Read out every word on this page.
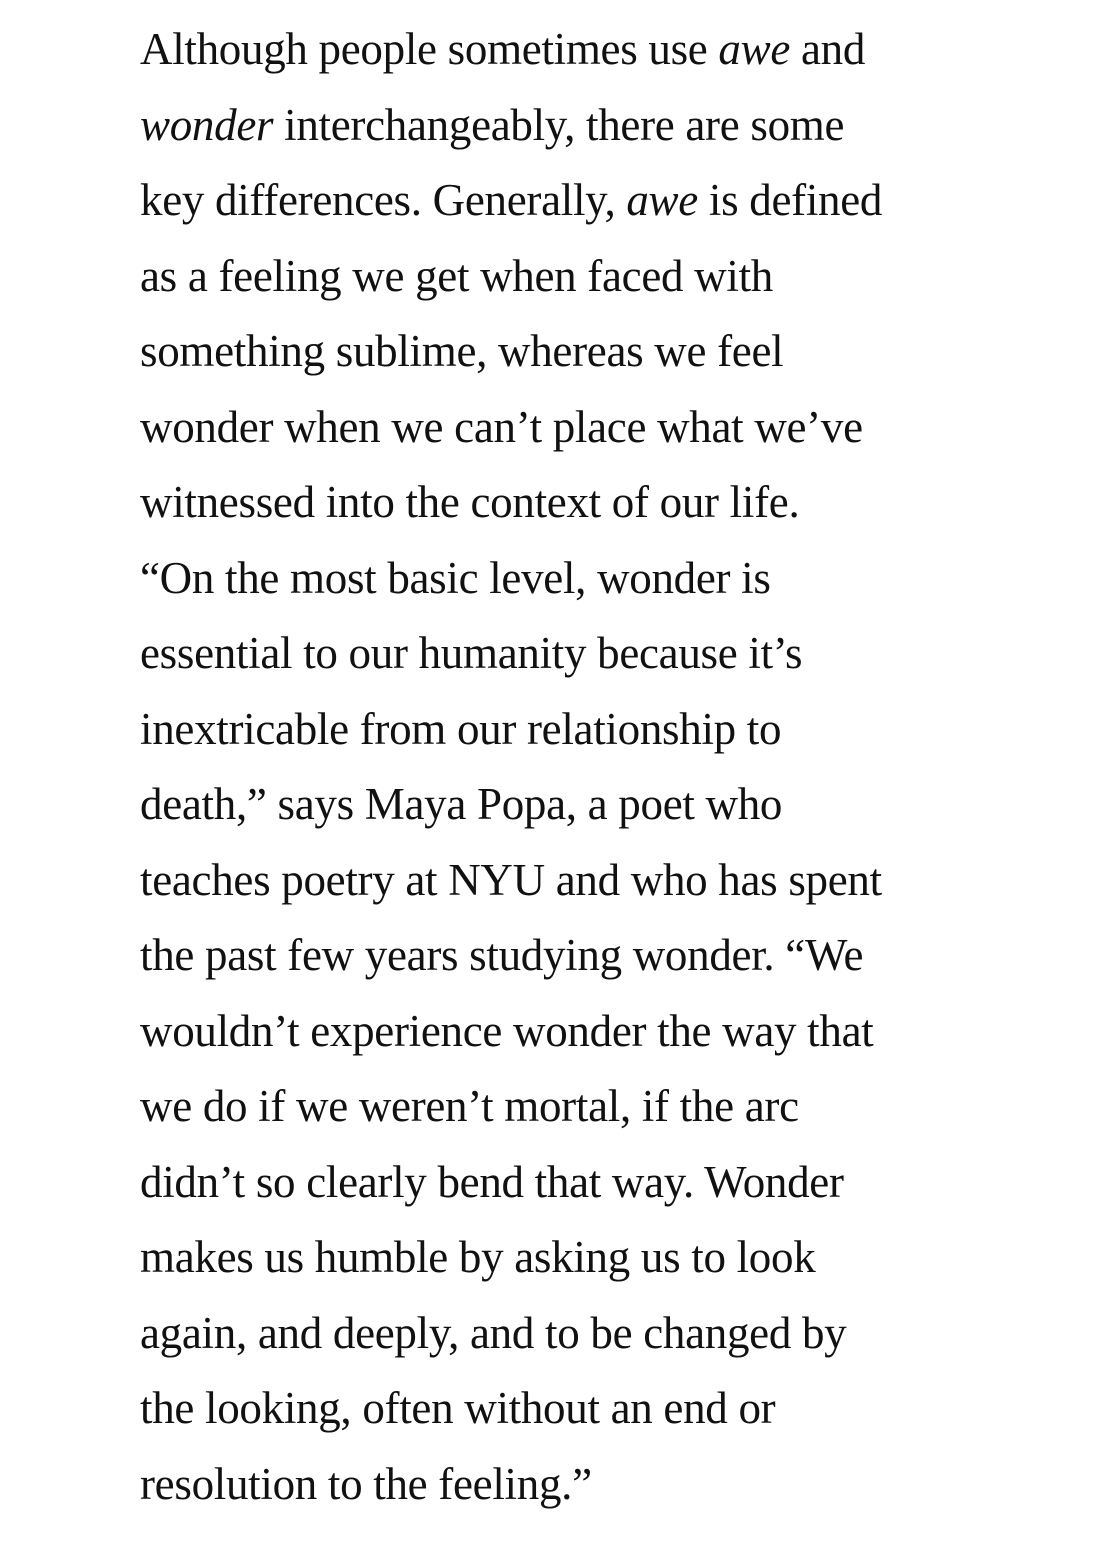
Although people sometimes use awe and
wonder interchangeably, there are some
key differences. Generally, awe is defined
as a feeling we get when faced with
something sublime, whereas we feel
wonder when we can’t place what we’ve
witnessed into the context of our life.
“On the most basic level, wonder is
essential to our humanity because it’s
inextricable from our relationship to
death,” says Maya Popa, a poet who
teaches poetry at NYU and who has spent
the past few years studying wonder. “We
wouldn’t experience wonder the way that
we do if we weren’t mortal, if the arc
didn’t so clearly bend that way. Wonder
makes us humble by asking us to look
again, and deeply, and to be changed by
the looking, often without an end or
resolution to the feeling.”
